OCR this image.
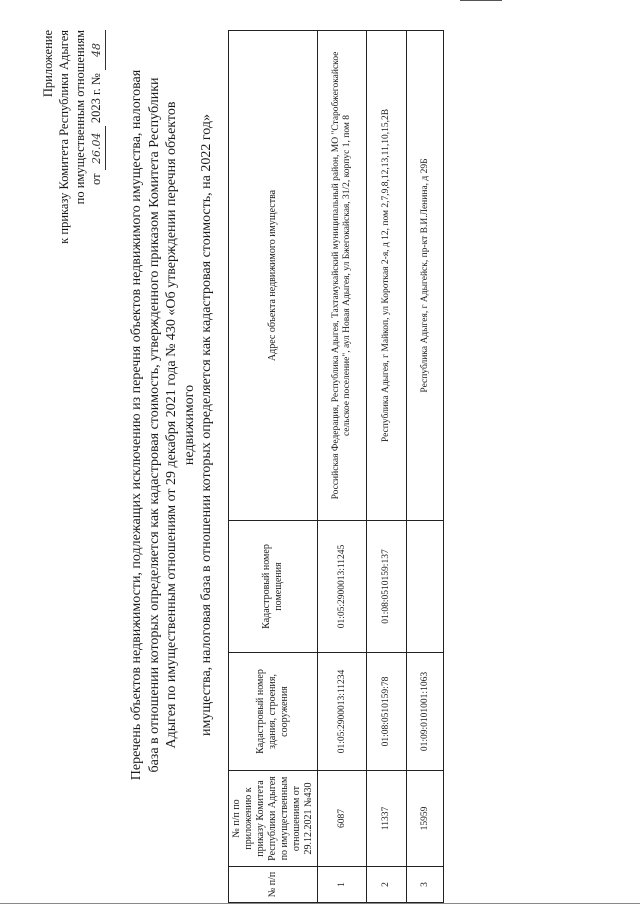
Приложение к приказу Комитета Республики Адыгея по имущественным отношениям от 26.04 2023 г. № 48
Перечень объектов недвижимости, подлежащих исключению из перечня объектов недвижимого имущества, налоговая база в отношении которых определяется как кадастровая стоимость, утвержденного приказом Комитета Республики Адыгея по имущественным отношениям от 29 декабря 2021 года № 430 «Об утверждении перечня объектов недвижимого имущества, налоговая база в отношении которых определяется как кадастровая стоимость, на 2022 год»
№ п/п	№ п/п по приложению к приказу Комитета Республики Адыгея по имущественным отношениям от 29.12.2021 №430	Кадастровый номер здания, строения, сооружения	Кадастровый номер помещения	Адрес объекта недвижимого имущества
1	6087	01:05:2900013:11234	01:05:2900013:11245	Российская Федерация, Республика Адыгея, Тахтамукайский муниципальный район, МО "Старобжегокайское сельское поселение", аул Новая Адыгея, ул Бжегокайская, 31/2, корпус 1, пом 8
2	11337	01:08:0510159:78	01:08:0510159:137	Республика Адыгея, г Майкоп, ул Короткая 2-я, д 12, пом 2,7,9,8,12,13,11,10,15,2В
3	15959	01:09:0101001:1063		Республика Адыгея, г Адыгейск, пр-кт В.И.Ленина, д 29Б
